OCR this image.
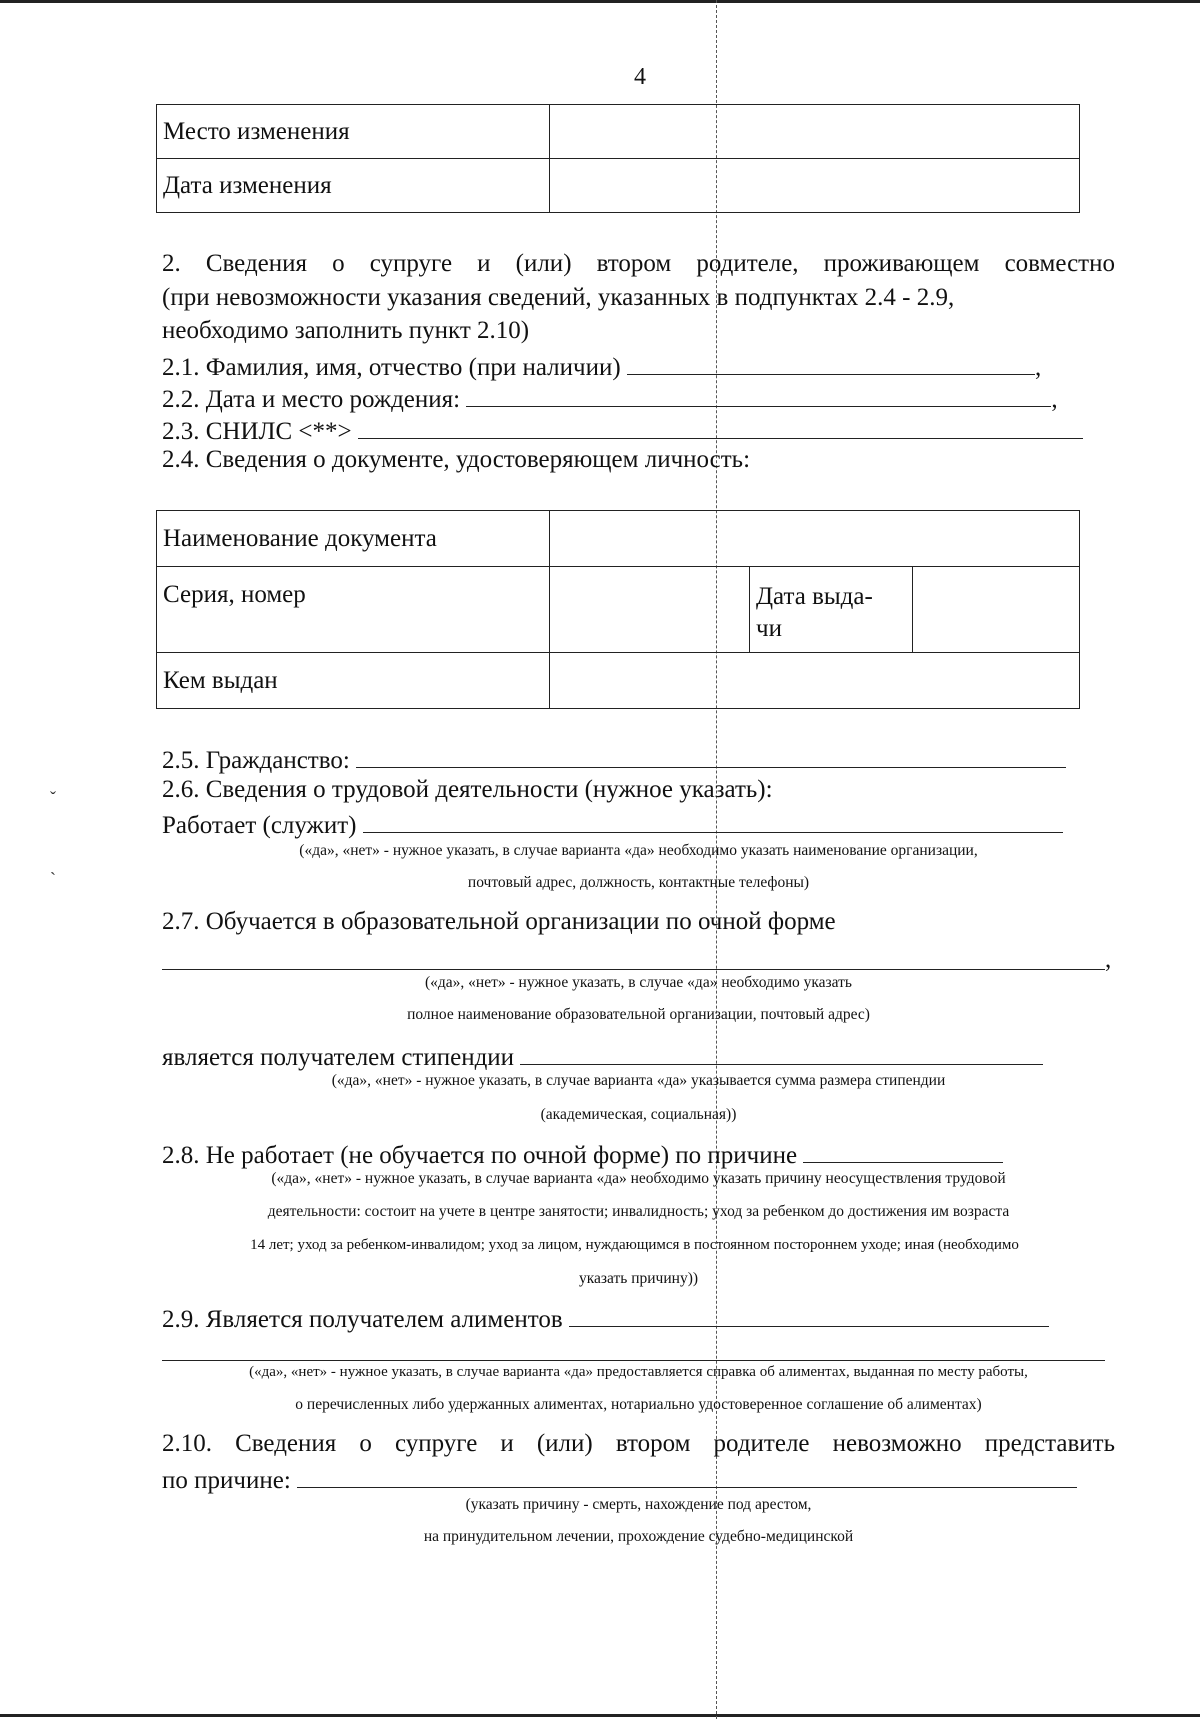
4
Место изменения	
Дата изменения	
2. Сведения о супруге и (или) втором родителе, проживающем совместно
(при невозможности указания сведений, указанных в подпунктах 2.4 - 2.9,
необходимо заполнить пункт 2.10)
2.1. Фамилия, имя, отчество (при наличии)	,
2.2. Дата и место рождения:	,
2.3. СНИЛС <**>
2.4. Сведения о документе, удостоверяющем личность:
Наименование документа			
Серия, номер		Дата выда-
чи	
Кем выдан			
2.5. Гражданство:
2.6. Сведения о трудовой деятельности (нужное указать):
Работает (служит)
(«да», «нет» - нужное указать, в случае варианта «да» необходимо указать наименование организации,
почтовый адрес, должность, контактные телефоны)
2.7. Обучается в образовательной организации по очной форме
,
(«да», «нет» - нужное указать, в случае «да» необходимо указать
полное наименование образовательной организации, почтовый адрес)
является получателем стипендии
(«да», «нет» - нужное указать, в случае варианта «да» указывается сумма размера стипендии
(академическая, социальная))
2.8. Не работает (не обучается по очной форме) по причине
(«да», «нет» - нужное указать, в случае варианта «да» необходимо указать причину неосуществления трудовой
деятельности: состоит на учете в центре занятости; инвалидность; уход за ребенком до достижения им возраста
14 лет; уход за ребенком-инвалидом; уход за лицом, нуждающимся в постоянном постороннем уходе; иная (необходимо
указать причину))
2.9. Является получателем алиментов
(«да», «нет» - нужное указать, в случае варианта «да» предоставляется справка об алиментах, выданная по месту работы,
о перечисленных либо удержанных алиментах, нотариально удостоверенное соглашение об алиментах)
2.10. Сведения о супруге и (или) втором родителе невозможно представить
по причине:
(указать причину - смерть, нахождение под арестом,
на принудительном лечении, прохождение судебно-медицинской
ˇ
ˎ
